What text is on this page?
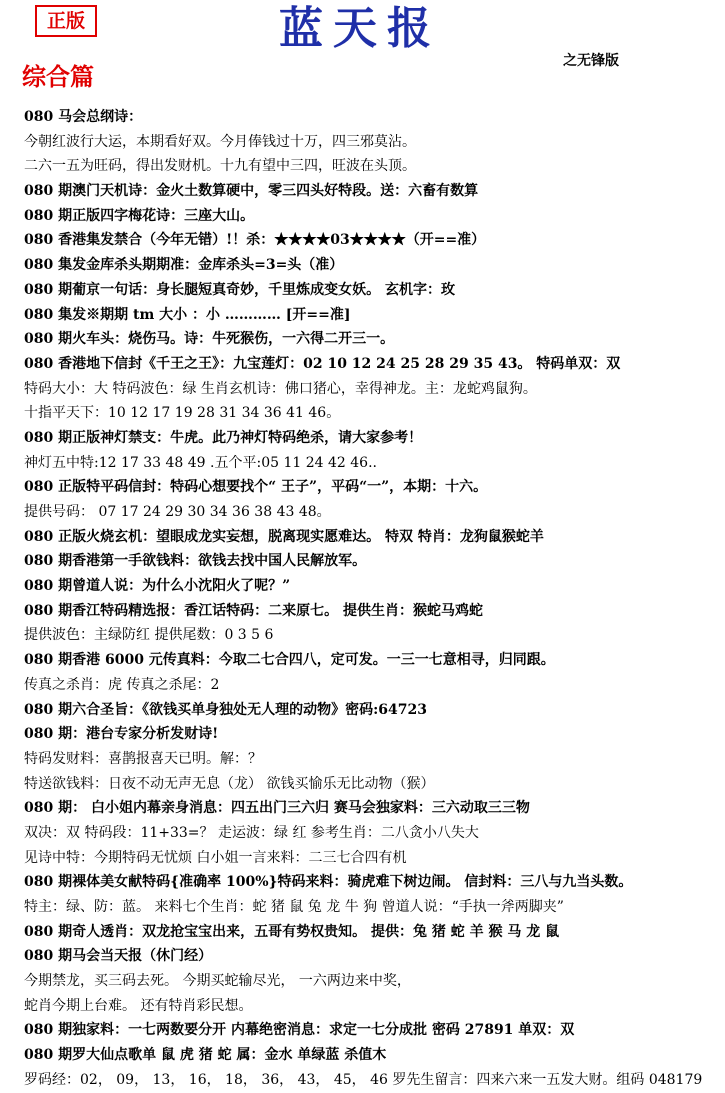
正版	蓝天报
之无锋版
综合篇
080 马会总纲诗：
今朝红波行大运，本期看好双。今月俸钱过十万，四三邪莫沾。
二六一五为旺码，得出发财机。十九有望中三四，旺波在头顶。
080 期澳门天机诗：金火土数算硬中，零三四头好特段。送：六畜有数算
080 期正版四字梅花诗：三座大山。
080 香港集发禁合（今年无错）!！杀：★★★★03★★★★（开==准）
080 集发金库杀头期期准：金库杀头=3=头（准）
080 期葡京一句话：身长腿短真奇妙，千里炼成变女妖。 玄机字：玫
080 集发※期期 tm 大小 ：小 ………… [开==准]
080 期火车头：烧伤马。诗：牛死猴伤，一六得二开三一。
080 香港地下信封《千王之王》：九宝莲灯：02 10 12 24 25 28 29 35 43。 特码单双：双
特码大小：大 特码波色：绿 生肖玄机诗：佛口猪心，幸得神龙。主：龙蛇鸡鼠狗。
十指平天下：10 12 17 19 28 31 34 36 41 46。
080 期正版神灯禁支：牛虎。此乃神灯特码绝杀，请大家参考！
神灯五中特:12 17 33 48 49 .五个平:05 11 24 42 46..
080 正版特平码信封：特码心想要找个“ 王子”，平码“一”，本期：十六。
提供号码： 07 17 24 29 30 34 36 38 43 48。
080 正版火烧玄机：望眼成龙实妄想，脱离现实愿难达。 特双 特肖：龙狗鼠猴蛇羊
080 期香港第一手欲钱料：欲钱去找中国人民解放军。
080 期曾道人说：为什么小沈阳火了呢？”
080 期香江特码精选报：香江话特码：二来原七。 提供生肖：猴蛇马鸡蛇
提供波色：主绿防红 提供尾数：0 3 5 6
080 期香港 6000 元传真料：今取二七合四八，定可发。一三一七意相寻，归同跟。
传真之杀肖：虎 传真之杀尾：2
080 期六合圣旨：《欲钱买单身独处无人理的动物》密码:64723
080 期：港台专家分析发财诗!
特码发财料：喜鹊报喜天已明。解：？
特送欲钱料：日夜不动无声无息（龙） 欲钱买愉乐无比动物（猴）
080 期： 白小姐内幕亲身消息：四五出门三六归 赛马会独家料：三六动取三三物
双决：双 特码段：11+33=？ 走运波：绿 红 参考生肖：二八贪小八失大
见诗中特：今期特码无忧烦 白小姐一言来料：二三七合四有机
080 期裸体美女献特码{准确率 100%}特码来料：骑虎难下树边闹。 信封料：三八与九当头数。
特主：绿、防：蓝。 来料七个生肖：蛇 猪 鼠 兔 龙 牛 狗 曾道人说：“手执一斧两脚夹”
080 期奇人透肖：双龙抢宝宝出来，五哥有势权贵知。 提供：兔 猪 蛇 羊 猴 马 龙 鼠
080 期马会当天报（休门经）
今期禁龙，买三码去死。 今期买蛇输尽光， 一六两边来中奖，
蛇肖今期上台难。 还有特肖彩民想。
080 期独家料：一七两数要分开 内幕绝密消息：求定一七分成批 密码 27891 单双：双
080 期罗大仙点歌单 鼠 虎 猪 蛇 属：金水 单绿蓝 杀值木
罗码经：02， 09， 13， 16， 18， 36， 43， 45， 46 罗先生留言：四来六来一五发大财。组码 048179
